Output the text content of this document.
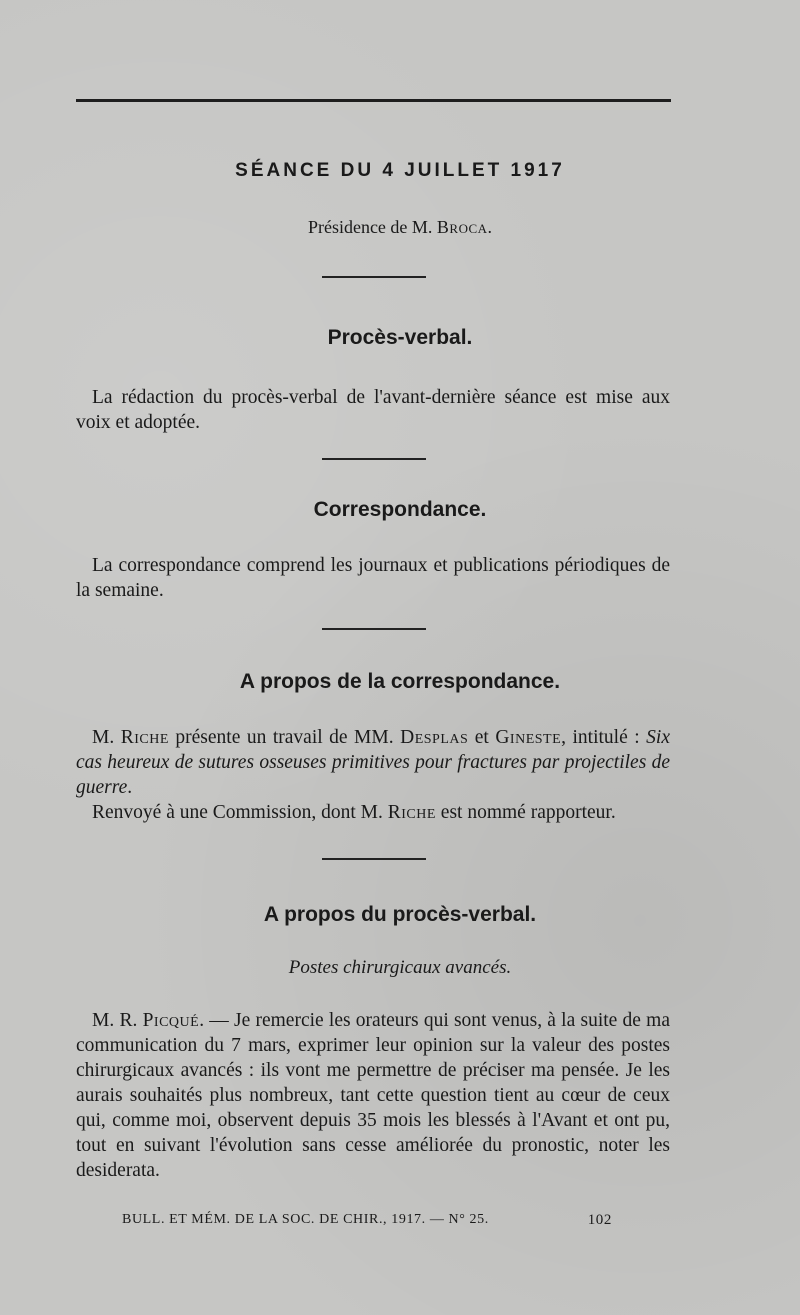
SÉANCE DU 4 JUILLET 1917
Présidence de M. Broca.
Procès-verbal.
La rédaction du procès-verbal de l'avant-dernière séance est mise aux voix et adoptée.
Correspondance.
La correspondance comprend les journaux et publications périodiques de la semaine.
A propos de la correspondance.
M. Riche présente un travail de MM. Desplas et Gineste, intitulé : Six cas heureux de sutures osseuses primitives pour fractures par projectiles de guerre.
Renvoyé à une Commission, dont M. Riche est nommé rapporteur.
A propos du procès-verbal.
Postes chirurgicaux avancés.
M. R. Picqué. — Je remercie les orateurs qui sont venus, à la suite de ma communication du 7 mars, exprimer leur opinion sur la valeur des postes chirurgicaux avancés : ils vont me permettre de préciser ma pensée. Je les aurais souhaités plus nombreux, tant cette question tient au cœur de ceux qui, comme moi, observent depuis 35 mois les blessés à l'Avant et ont pu, tout en suivant l'évolution sans cesse améliorée du pronostic, noter les desiderata.
BULL. ET MÉM. DE LA SOC. DE CHIR., 1917. — N° 25.	102
